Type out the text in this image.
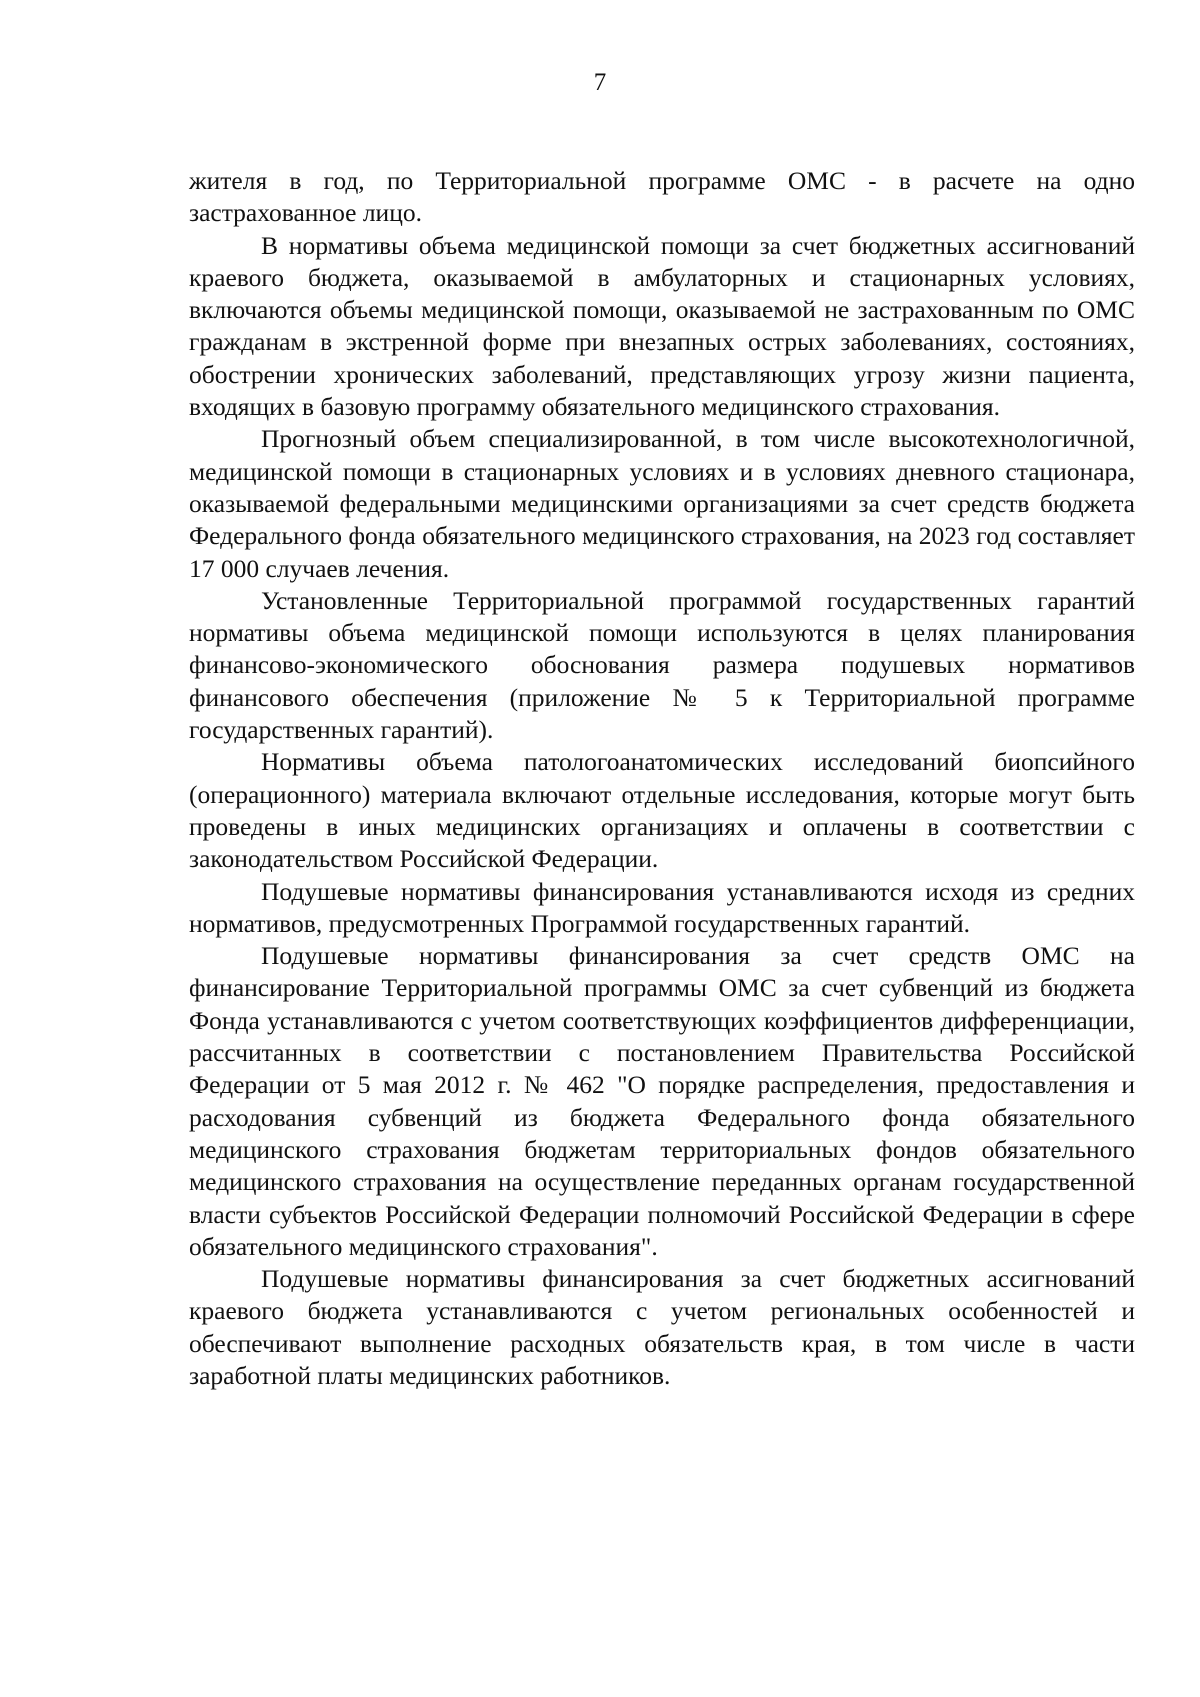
7

жителя в год, по Территориальной программе ОМС - в расчете на одно застрахованное лицо.

В нормативы объема медицинской помощи за счет бюджетных ассигнований краевого бюджета, оказываемой в амбулаторных и стационарных условиях, включаются объемы медицинской помощи, оказываемой не застрахованным по ОМС гражданам в экстренной форме при внезапных острых заболеваниях, состояниях, обострении хронических заболеваний, представляющих угрозу жизни пациента, входящих в базовую программу обязательного медицинского страхования.

Прогнозный объем специализированной, в том числе высокотехнологичной, медицинской помощи в стационарных условиях и в условиях дневного стационара, оказываемой федеральными медицинскими организациями за счет средств бюджета Федерального фонда обязательного медицинского страхования, на 2023 год составляет 17 000 случаев лечения.

Установленные Территориальной программой государственных гарантий нормативы объема медицинской помощи используются в целях планирования финансово-экономического обоснования размера подушевых нормативов финансового обеспечения (приложение № 5 к Территориальной программе государственных гарантий).

Нормативы объема патологоанатомических исследований биопсийного (операционного) материала включают отдельные исследования, которые могут быть проведены в иных медицинских организациях и оплачены в соответствии с законодательством Российской Федерации.

Подушевые нормативы финансирования устанавливаются исходя из средних нормативов, предусмотренных Программой государственных гарантий.

Подушевые нормативы финансирования за счет средств ОМС на финансирование Территориальной программы ОМС за счет субвенций из бюджета Фонда устанавливаются с учетом соответствующих коэффициентов дифференциации, рассчитанных в соответствии с постановлением Правительства Российской Федерации от 5 мая 2012 г. № 462 "О порядке распределения, предоставления и расходования субвенций из бюджета Федерального фонда обязательного медицинского страхования бюджетам территориальных фондов обязательного медицинского страхования на осуществление переданных органам государственной власти субъектов Российской Федерации полномочий Российской Федерации в сфере обязательного медицинского страхования".

Подушевые нормативы финансирования за счет бюджетных ассигнований краевого бюджета устанавливаются с учетом региональных особенностей и обеспечивают выполнение расходных обязательств края, в том числе в части заработной платы медицинских работников.
